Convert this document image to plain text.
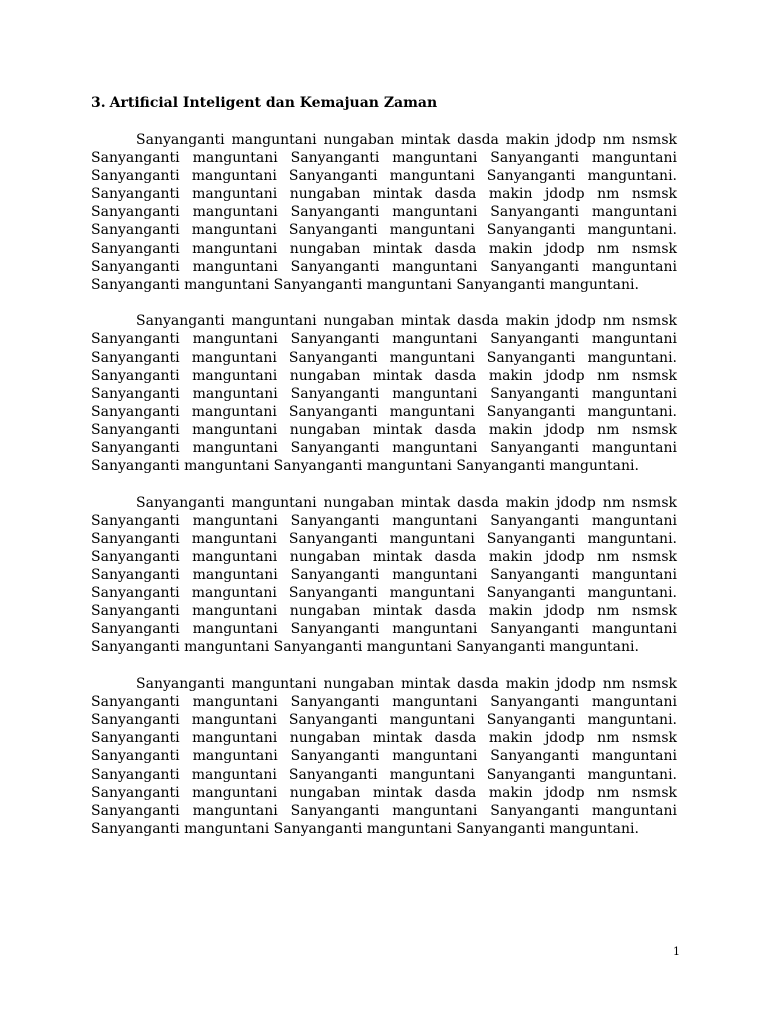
3. Artificial Inteligent dan Kemajuan Zaman

Sanyanganti manguntani nungaban mintak dasda makin jdodp nm nsmsk Sanyanganti manguntani Sanyanganti manguntani Sanyanganti manguntani Sanyanganti manguntani Sanyanganti manguntani Sanyanganti manguntani. Sanyanganti manguntani nungaban mintak dasda makin jdodp nm nsmsk Sanyanganti manguntani Sanyanganti manguntani Sanyanganti manguntani Sanyanganti manguntani Sanyanganti manguntani Sanyanganti manguntani. Sanyanganti manguntani nungaban mintak dasda makin jdodp nm nsmsk Sanyanganti manguntani Sanyanganti manguntani Sanyanganti manguntani Sanyanganti manguntani Sanyanganti manguntani Sanyanganti manguntani.

Sanyanganti manguntani nungaban mintak dasda makin jdodp nm nsmsk Sanyanganti manguntani Sanyanganti manguntani Sanyanganti manguntani Sanyanganti manguntani Sanyanganti manguntani Sanyanganti manguntani. Sanyanganti manguntani nungaban mintak dasda makin jdodp nm nsmsk Sanyanganti manguntani Sanyanganti manguntani Sanyanganti manguntani Sanyanganti manguntani Sanyanganti manguntani Sanyanganti manguntani. Sanyanganti manguntani nungaban mintak dasda makin jdodp nm nsmsk Sanyanganti manguntani Sanyanganti manguntani Sanyanganti manguntani Sanyanganti manguntani Sanyanganti manguntani Sanyanganti manguntani.

Sanyanganti manguntani nungaban mintak dasda makin jdodp nm nsmsk Sanyanganti manguntani Sanyanganti manguntani Sanyanganti manguntani Sanyanganti manguntani Sanyanganti manguntani Sanyanganti manguntani. Sanyanganti manguntani nungaban mintak dasda makin jdodp nm nsmsk Sanyanganti manguntani Sanyanganti manguntani Sanyanganti manguntani Sanyanganti manguntani Sanyanganti manguntani Sanyanganti manguntani. Sanyanganti manguntani nungaban mintak dasda makin jdodp nm nsmsk Sanyanganti manguntani Sanyanganti manguntani Sanyanganti manguntani Sanyanganti manguntani Sanyanganti manguntani Sanyanganti manguntani.

Sanyanganti manguntani nungaban mintak dasda makin jdodp nm nsmsk Sanyanganti manguntani Sanyanganti manguntani Sanyanganti manguntani Sanyanganti manguntani Sanyanganti manguntani Sanyanganti manguntani. Sanyanganti manguntani nungaban mintak dasda makin jdodp nm nsmsk Sanyanganti manguntani Sanyanganti manguntani Sanyanganti manguntani Sanyanganti manguntani Sanyanganti manguntani Sanyanganti manguntani. Sanyanganti manguntani nungaban mintak dasda makin jdodp nm nsmsk Sanyanganti manguntani Sanyanganti manguntani Sanyanganti manguntani Sanyanganti manguntani Sanyanganti manguntani Sanyanganti manguntani.

1
